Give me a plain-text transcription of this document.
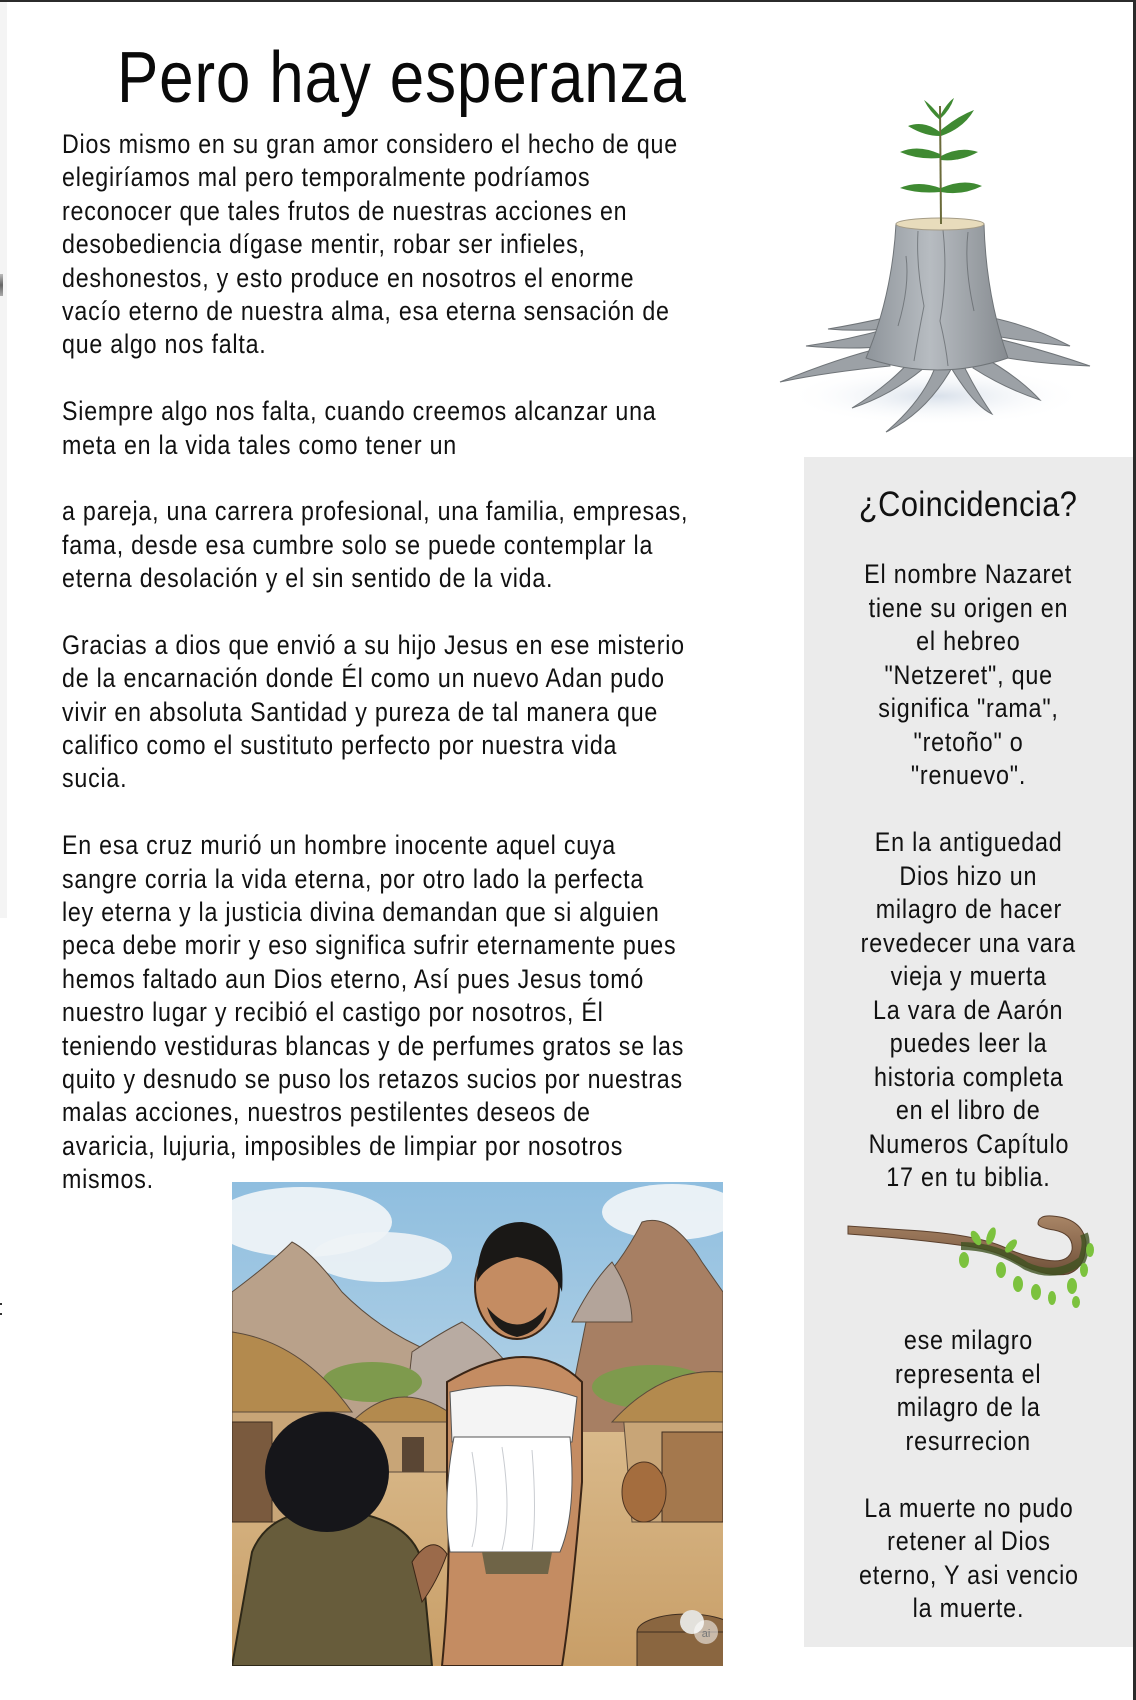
Pero hay esperanza
Dios mismo en su gran amor considero el hecho de que
elegiríamos mal pero temporalmente podríamos
reconocer que tales frutos de nuestras acciones en
desobediencia dígase mentir, robar ser infieles,
deshonestos, y esto produce en nosotros el enorme
vacío eterno de nuestra alma, esa eterna sensación de
que algo nos falta.
Siempre algo nos falta, cuando creemos alcanzar una
meta en la vida tales como tener un
a pareja, una carrera profesional, una familia, empresas,
fama, desde esa cumbre solo se puede contemplar la
eterna desolación y el sin sentido de la vida.
Gracias a dios que envió a su hijo Jesus en ese misterio
de la encarnación donde Él como un nuevo Adan pudo
vivir en absoluta Santidad y pureza de tal manera que
califico como el sustituto perfecto por nuestra vida
sucia.
En esa cruz murió un hombre inocente aquel cuya
sangre corria la vida eterna, por otro lado la perfecta
ley eterna y la justicia divina demandan que si alguien
peca debe morir y eso significa sufrir eternamente pues
hemos faltado aun Dios eterno, Así pues Jesus tomó
nuestro lugar y recibió el castigo por nosotros, Él
teniendo vestiduras blancas y de perfumes gratos se las
quito y desnudo se puso los retazos sucios por nuestras
malas acciones, nuestros pestilentes deseos de
avaricia, lujuria, imposibles de limpiar por nosotros
mismos.
¿Coincidencia?
El nombre Nazaret
tiene su origen en
el hebreo
"Netzeret", que
significa "rama",
"retoño" o
"renuevo".
En la antiguedad
Dios hizo un
milagro de hacer
revedecer una vara
vieja y muerta
La vara de Aarón
puedes leer la
historia completa
en el libro de
Numeros Capítulo
17 en tu biblia.
ese milagro
representa el
milagro de la
resurrecion
La muerte no pudo
retener al Dios
eterno, Y asi vencio
la muerte.
ai
